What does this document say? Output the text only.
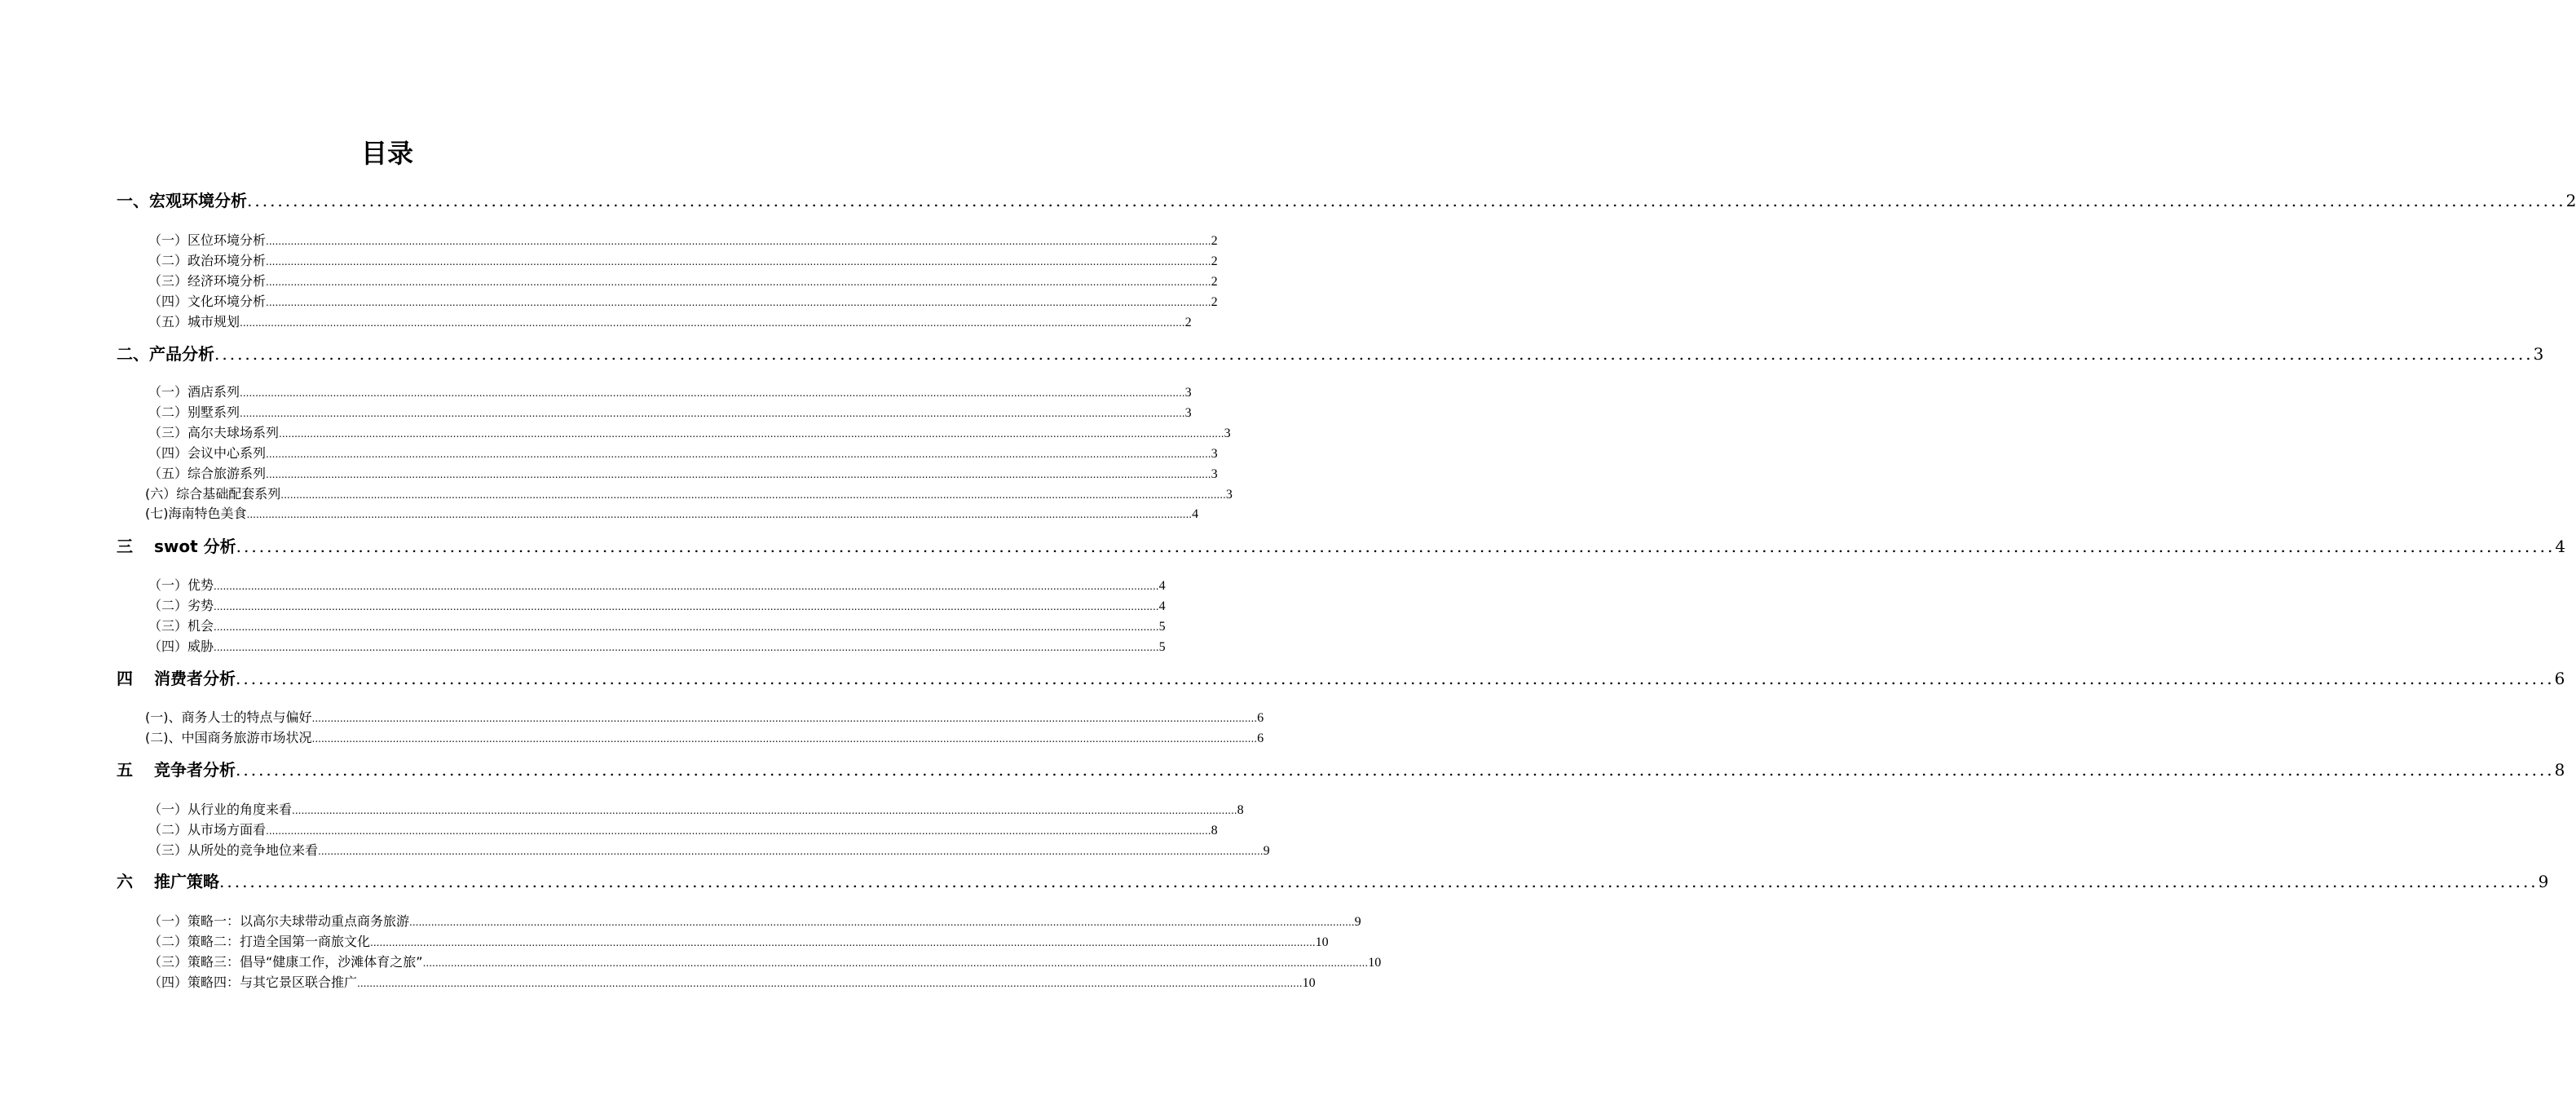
目录
一、宏观环境分析 ................................................................................................................................................................................................................................................................................................................ 2
（一）区位环境分析 ................................................................................................................................................................................................................................................................................................................ 2
（二）政治环境分析 ................................................................................................................................................................................................................................................................................................................ 2
（三）经济环境分析 ................................................................................................................................................................................................................................................................................................................ 2
（四）文化环境分析 ................................................................................................................................................................................................................................................................................................................ 2
（五）城市规划 ................................................................................................................................................................................................................................................................................................................ 2
二、产品分析 ................................................................................................................................................................................................................................................................................................................ 3
（一）酒店系列 ................................................................................................................................................................................................................................................................................................................ 3
（二）别墅系列 ................................................................................................................................................................................................................................................................................................................ 3
（三）高尔夫球场系列 ................................................................................................................................................................................................................................................................................................................ 3
（四）会议中心系列 ................................................................................................................................................................................................................................................................................................................ 3
（五）综合旅游系列 ................................................................................................................................................................................................................................................................................................................ 3
(六）综合基础配套系列 ................................................................................................................................................................................................................................................................................................................ 3
(七)海南特色美食 ................................................................................................................................................................................................................................................................................................................ 4
三 swot 分析 ................................................................................................................................................................................................................................................................................................................ 4
（一）优势 ................................................................................................................................................................................................................................................................................................................ 4
（二）劣势 ................................................................................................................................................................................................................................................................................................................ 4
（三）机会 ................................................................................................................................................................................................................................................................................................................ 5
（四）威胁 ................................................................................................................................................................................................................................................................................................................ 5
四 消费者分析 ................................................................................................................................................................................................................................................................................................................ 6
(一)、商务人士的特点与偏好 ................................................................................................................................................................................................................................................................................................................ 6
(二)、中国商务旅游市场状况 ................................................................................................................................................................................................................................................................................................................ 6
五 竞争者分析 ................................................................................................................................................................................................................................................................................................................ 8
（一）从行业的角度来看 ................................................................................................................................................................................................................................................................................................................ 8
（二）从市场方面看 ................................................................................................................................................................................................................................................................................................................ 8
（三）从所处的竞争地位来看 ................................................................................................................................................................................................................................................................................................................ 9
六 推广策略 ................................................................................................................................................................................................................................................................................................................ 9
（一）策略一：以高尔夫球带动重点商务旅游 ................................................................................................................................................................................................................................................................................................................ 9
（二）策略二：打造全国第一商旅文化 ................................................................................................................................................................................................................................................................................................................ 10
（三）策略三：倡导“健康工作，沙滩体育之旅” ................................................................................................................................................................................................................................................................................................................ 10
（四）策略四：与其它景区联合推广 ................................................................................................................................................................................................................................................................................................................ 10
